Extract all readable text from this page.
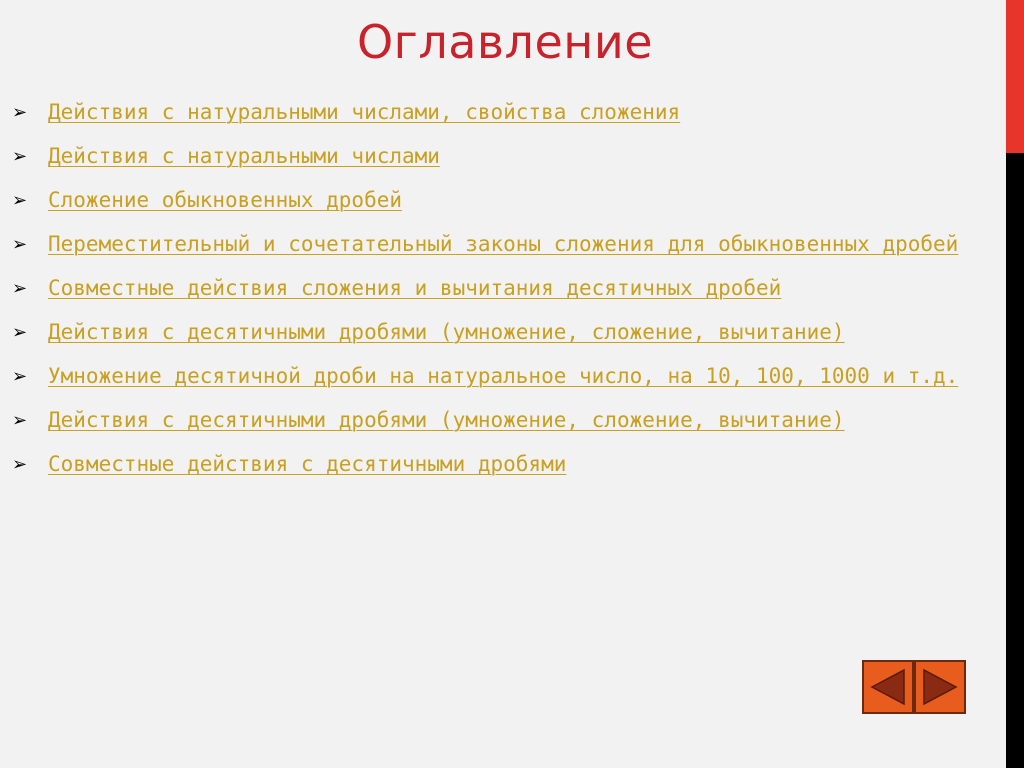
Оглавление
➢ Действия с натуральными числами, свойства сложения
➢ Действия с натуральными числами
➢ Сложение обыкновенных дробей
➢ Переместительный и сочетательный законы сложения для обыкновенных дробей
➢ Совместные действия сложения и вычитания десятичных дробей
➢ Действия с десятичными дробями (умножение, сложение, вычитание)
➢ Умножение десятичной дроби на натуральное число, на 10, 100, 1000 и т.д.
➢ Действия с десятичными дробями (умножение, сложение, вычитание)
➢ Совместные действия с десятичными дробями
